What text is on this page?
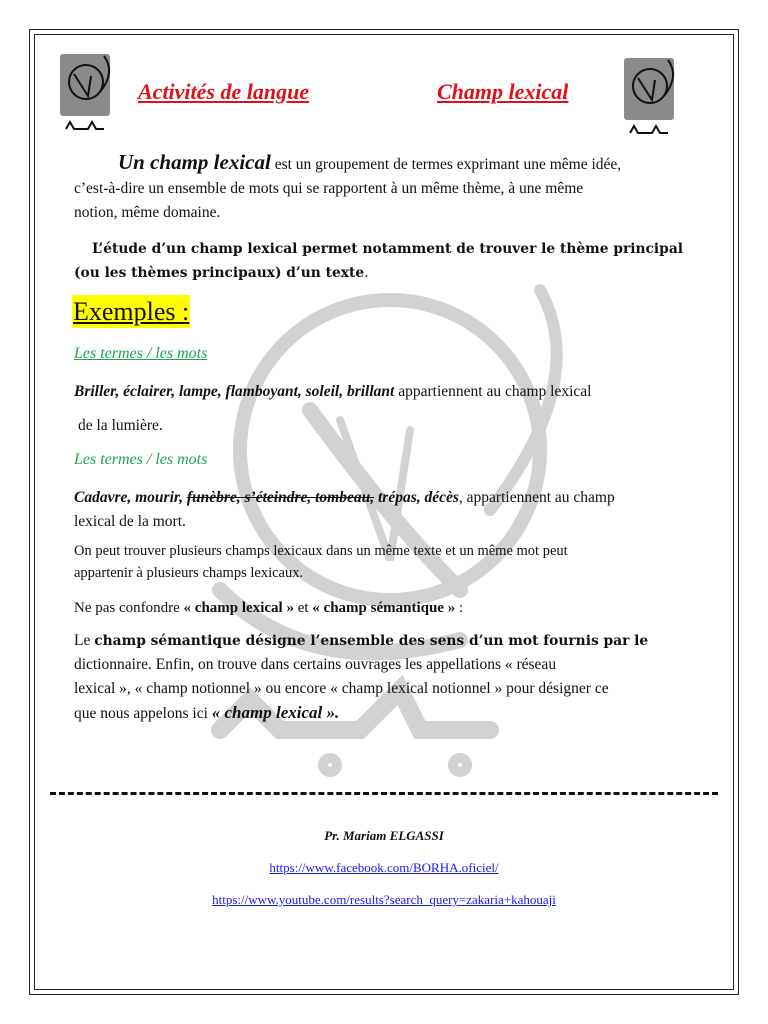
Activités de langue	Champ lexical
Un champ lexical est un groupement de termes exprimant une même idée,
c’est-à-dire un ensemble de mots qui se rapportent à un même thème, à une même
notion, même domaine.
L’étude d’un champ lexical permet notamment de trouver le thème principal (ou les thèmes principaux) d’un texte.
Exemples :
Les termes / les mots
Briller, éclairer, lampe, flamboyant, soleil, brillant appartiennent au champ lexical
de la lumière.
Les termes / les mots
Cadavre, mourir, funèbre, s’éteindre, tombeau, trépas, décès, appartiennent au champ
lexical de la mort.
On peut trouver plusieurs champs lexicaux dans un même texte et un même mot peut
appartenir à plusieurs champs lexicaux.
Ne pas confondre « champ lexical » et « champ sémantique » :
Le champ sémantique désigne l’ensemble des sens d’un mot fournis par le
dictionnaire. Enfin, on trouve dans certains ouvrages les appellations « réseau
lexical », « champ notionnel » ou encore « champ lexical notionnel » pour désigner ce
que nous appelons ici « champ lexical ».
Pr. Mariam ELGASSI
https://www.facebook.com/BORHA.oficiel/
https://www.youtube.com/results?search_query=zakaria+kahouaji
